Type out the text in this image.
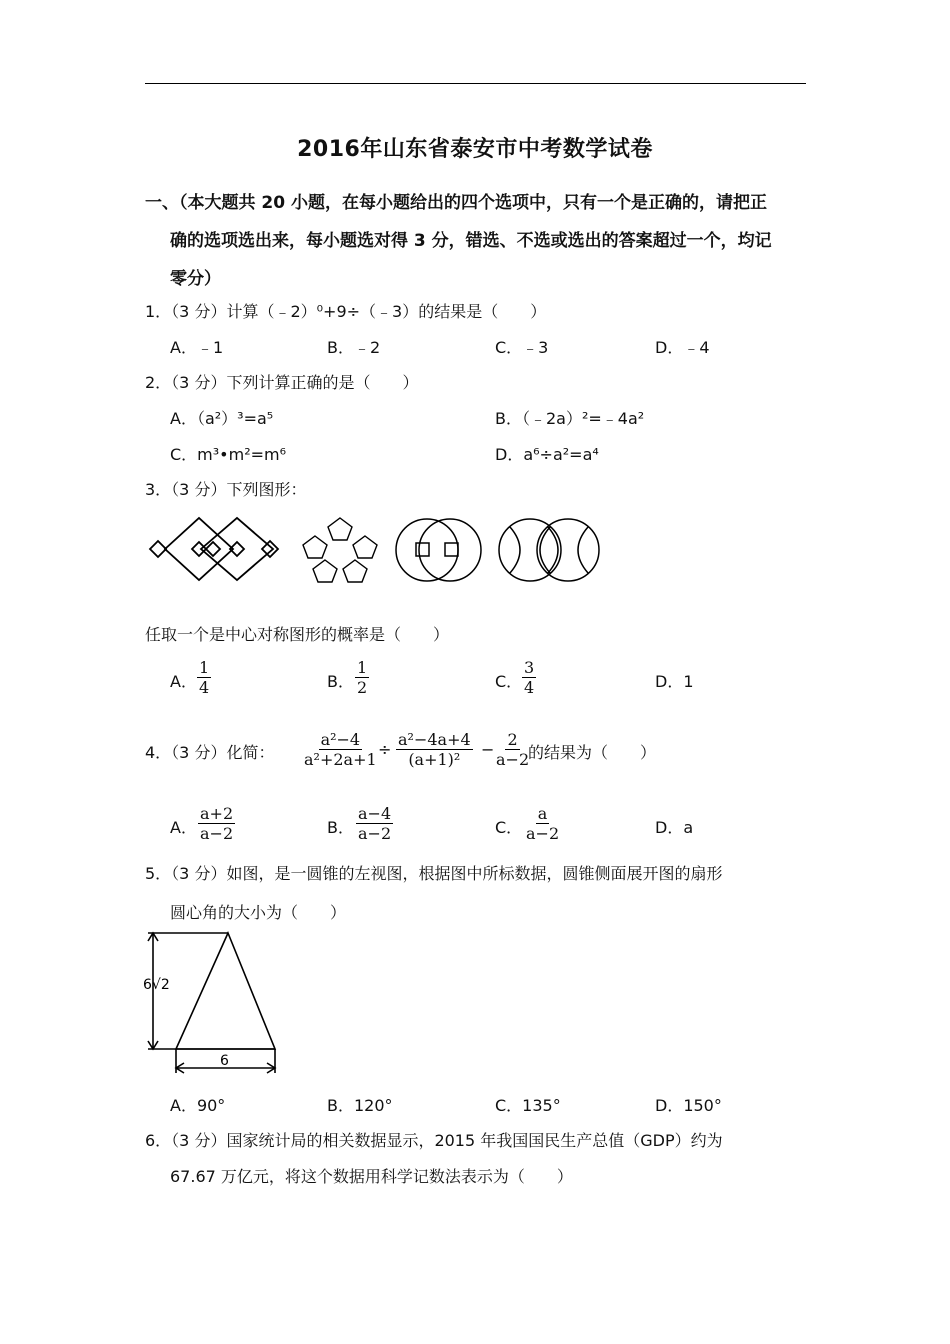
2016年山东省泰安市中考数学试卷
一、（本大题共 20 小题，在每小题给出的四个选项中，只有一个是正确的，请把正
确的选项选出来，每小题选对得 3 分，错选、不选或选出的答案超过一个，均记
零分）
1．（3 分）计算（﹣2）⁰+9÷（﹣3）的结果是（　　）
A．﹣1	B．﹣2	C．﹣3	D．﹣4
2．（3 分）下列计算正确的是（　　）
A．（a²）³=a⁵	B．（﹣2a）²=﹣4a²
C．m³•m²=m⁶	D．a⁶÷a²=a⁴
3．（3 分）下列图形：
任取一个是中心对称图形的概率是（　　）
A． $\frac{1}{4}$	B． $\frac{1}{2}$	C． $\frac{3}{4}$	D．1
4．（3 分）化简： $\frac{\text{a²−4}}{\text{a²+2a+1}} \div \frac{\text{a²−4a+4}}{\text{(a+1)²}} - \frac{2}{a-2}$
的结果为（　　）
A． $\frac{a+2}{a-2}$	B． $\frac{a-4}{a-2}$	C． $\frac{a}{a-2}$	D．a
5．（3 分）如图，是一圆锥的左视图，根据图中所标数据，圆锥侧面展开图的扇形
圆心角的大小为（　　）
6√2
6
A．90°	B．120°	C．135°	D．150°
6．（3 分）国家统计局的相关数据显示，2015 年我国国民生产总值（GDP）约为
67.67 万亿元，将这个数据用科学记数法表示为（　　）
